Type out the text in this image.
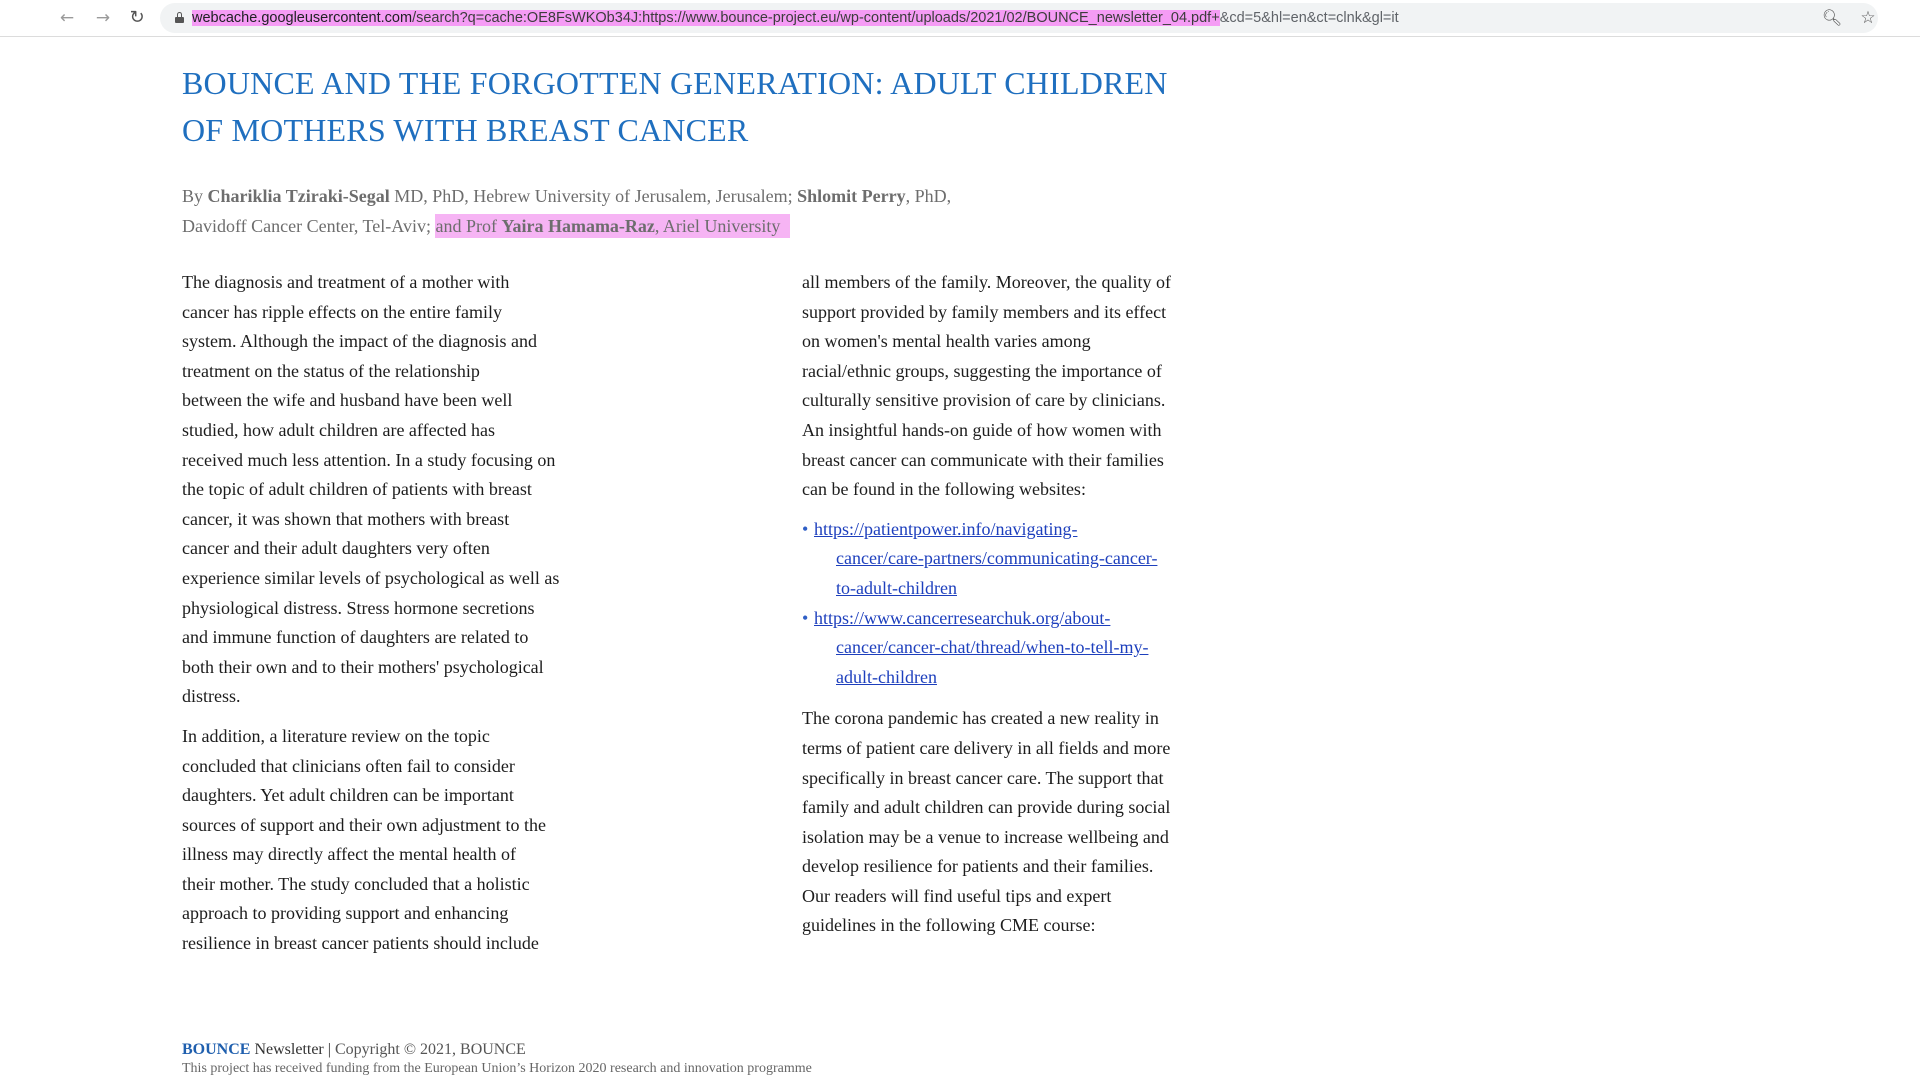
← → ↻	webcache.googleusercontent.com/search?q=cache:OE8FsWKOb34J:https://www.bounce-project.eu/wp-content/uploads/2021/02/BOUNCE_newsletter_04.pdf+&cd=5&hl=en&ct=clnk&gl=it	🔍︎ ☆
BOUNCE AND THE FORGOTTEN GENERATION: ADULT CHILDREN
OF MOTHERS WITH BREAST CANCER
By Chariklia Tziraki-Segal MD, PhD, Hebrew University of Jerusalem, Jerusalem; Shlomit Perry, PhD,
Davidoff Cancer Center, Tel-Aviv; and Prof Yaira Hamama-Raz, Ariel University

The diagnosis and treatment of a mother with
cancer has ripple effects on the entire family
system. Although the impact of the diagnosis and
treatment on the status of the relationship
between the wife and husband have been well
studied, how adult children are affected has
received much less attention. In a study focusing on
the topic of adult children of patients with breast
cancer, it was shown that mothers with breast
cancer and their adult daughters very often
experience similar levels of psychological as well as
physiological distress. Stress hormone secretions
and immune function of daughters are related to
both their own and to their mothers' psychological
distress.

In addition, a literature review on the topic
concluded that clinicians often fail to consider
daughters. Yet adult children can be important
sources of support and their own adjustment to the
illness may directly affect the mental health of
their mother. The study concluded that a holistic
approach to providing support and enhancing
resilience in breast cancer patients should include

all members of the family. Moreover, the quality of
support provided by family members and its effect
on women's mental health varies among
racial/ethnic groups, suggesting the importance of
culturally sensitive provision of care by clinicians.
An insightful hands-on guide of how women with
breast cancer can communicate with their families
can be found in the following websites:

• https://patientpower.info/navigating-
cancer/care-partners/communicating-cancer-
to-adult-children
• https://www.cancerresearchuk.org/about-
cancer/cancer-chat/thread/when-to-tell-my-
adult-children

The corona pandemic has created a new reality in
terms of patient care delivery in all fields and more
specifically in breast cancer care. The support that
family and adult children can provide during social
isolation may be a venue to increase wellbeing and
develop resilience for patients and their families.
Our readers will find useful tips and expert
guidelines in the following CME course:

BOUNCE Newsletter | Copyright © 2021, BOUNCE
This project has received funding from the European Union’s Horizon 2020 research and innovation programme
